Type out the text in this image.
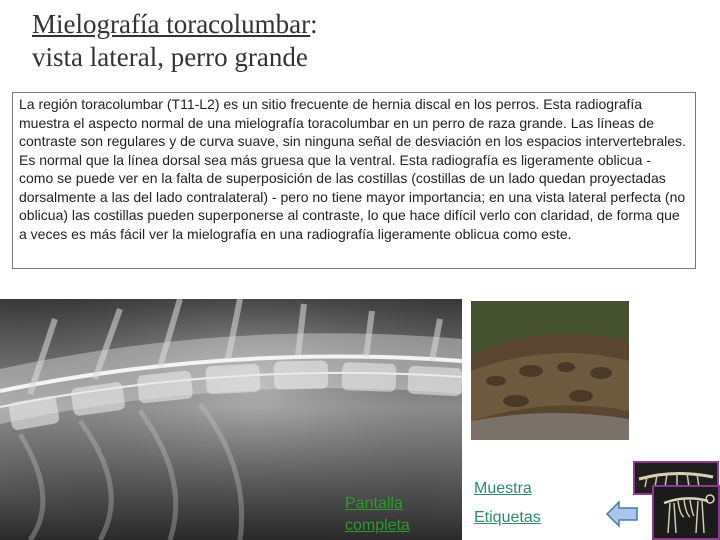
Mielografía toracolumbar:
vista lateral, perro grande
La región toracolumbar (T11-L2) es un sitio frecuente de hernia discal en los perros. Esta radiografía muestra el aspecto normal de una mielografía toracolumbar en un perro de raza grande. Las líneas de contraste son regulares y de curva suave, sin ninguna señal de desviación en los espacios intervertebrales. Es normal que la línea dorsal sea más gruesa que la ventral. Esta radiografía es ligeramente oblicua - como se puede ver en la falta de superposición de las costillas (costillas de un lado quedan proyectadas dorsalmente a las del lado contralateral) - pero no tiene mayor importancia; en una vista lateral perfecta (no oblicua) las costillas pueden superponerse al contraste, lo que hace difícil verlo con claridad, de forma que a veces es más fácil ver la mielografía en una radiografía ligeramente oblicua como este.
Pantalla completa
Muestra
Etiquetas
